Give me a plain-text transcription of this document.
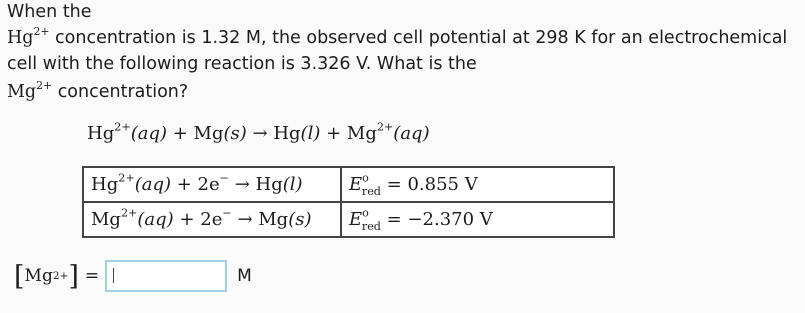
When the
$Hg^{2+}$ concentration is 1.32 M, the observed cell potential at 298 K for an electrochemical
cell with the following reaction is 3.326 V. What is the
$Mg^{2+}$ concentration?
$Hg^{2+}(aq) + Mg(s) \to Hg(l) + Mg^{2+}(aq)$
$Hg^{2+}(aq) + 2e^- \to Hg(l)$	$E^o_{red} = 0.855$ V
$Mg^{2+}(aq) + 2e^- \to Mg(s)$	$E^o_{red} = -2.370$ V
[ Mg 2+ ] =	M
